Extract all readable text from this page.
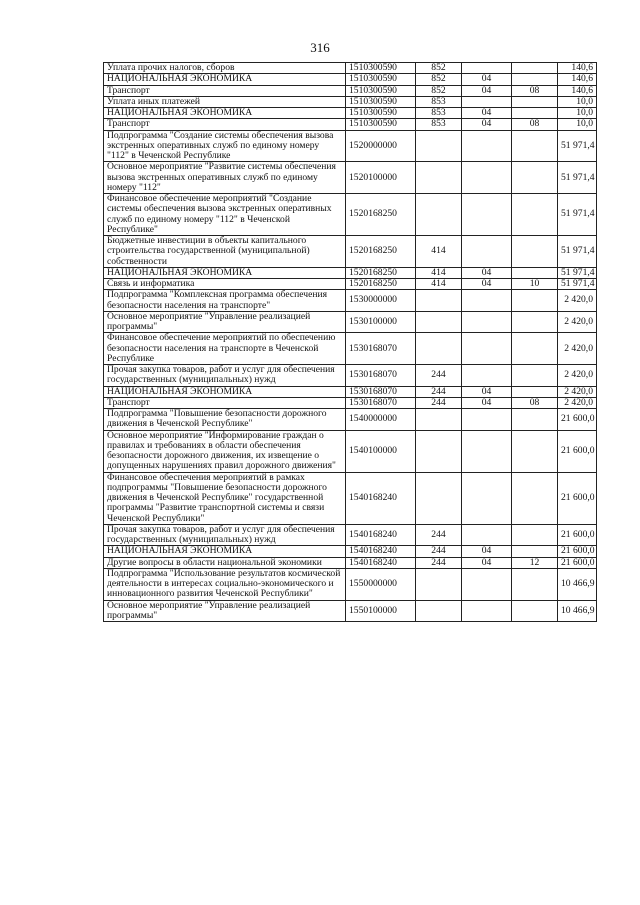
316
Уплата прочих налогов, сборов	1510300590	852			140,6
НАЦИОНАЛЬНАЯ ЭКОНОМИКА	1510300590	852	04		140,6
Транспорт	1510300590	852	04	08	140,6
Уплата иных платежей	1510300590	853			10,0
НАЦИОНАЛЬНАЯ ЭКОНОМИКА	1510300590	853	04		10,0
Транспорт	1510300590	853	04	08	10,0
Подпрограмма "Создание системы обеспечения вызова экстренных оперативных служб по единому номеру "112" в Чеченской Республике	1520000000				51 971,4
Основное мероприятие "Развитие системы обеспечения вызова экстренных оперативных служб по единому номеру "112"	1520100000				51 971,4
Финансовое обеспечение мероприятий "Создание системы обеспечения вызова экстренных оперативных служб по единому номеру "112" в Чеченской Республике"	1520168250				51 971,4
Бюджетные инвестиции в объекты капитального строительства государственной (муниципальной) собственности	1520168250	414			51 971,4
НАЦИОНАЛЬНАЯ ЭКОНОМИКА	1520168250	414	04		51 971,4
Связь и информатика	1520168250	414	04	10	51 971,4
Подпрограмма "Комплексная программа обеспечения безопасности населения на транспорте"	1530000000				2 420,0
Основное мероприятие "Управление реализацией программы"	1530100000				2 420,0
Финансовое обеспечение мероприятий по обеспечению безопасности населения на транспорте в Чеченской Республике	1530168070				2 420,0
Прочая закупка товаров, работ и услуг для обеспечения государственных (муниципальных) нужд	1530168070	244			2 420,0
НАЦИОНАЛЬНАЯ ЭКОНОМИКА	1530168070	244	04		2 420,0
Транспорт	1530168070	244	04	08	2 420,0
Подпрограмма "Повышение безопасности дорожного движения в Чеченской Республике"	1540000000				21 600,0
Основное мероприятие "Информирование граждан о правилах и требованиях в области обеспечения безопасности дорожного движения, их извещение о допущенных нарушениях правил дорожного движения"	1540100000				21 600,0
Финансовое обеспечения мероприятий в рамках подпрограммы "Повышение безопасности дорожного движения в Чеченской Республике" государственной программы "Развитие транспортной системы и связи Чеченской Республики"	1540168240				21 600,0
Прочая закупка товаров, работ и услуг для обеспечения государственных (муниципальных) нужд	1540168240	244			21 600,0
НАЦИОНАЛЬНАЯ ЭКОНОМИКА	1540168240	244	04		21 600,0
Другие вопросы в области национальной экономики	1540168240	244	04	12	21 600,0
Подпрограмма "Использование результатов космической деятельности в интересах социально-экономического и инновационного развития Чеченской Республики"	1550000000				10 466,9
Основное мероприятие "Управление реализацией программы"	1550100000				10 466,9
